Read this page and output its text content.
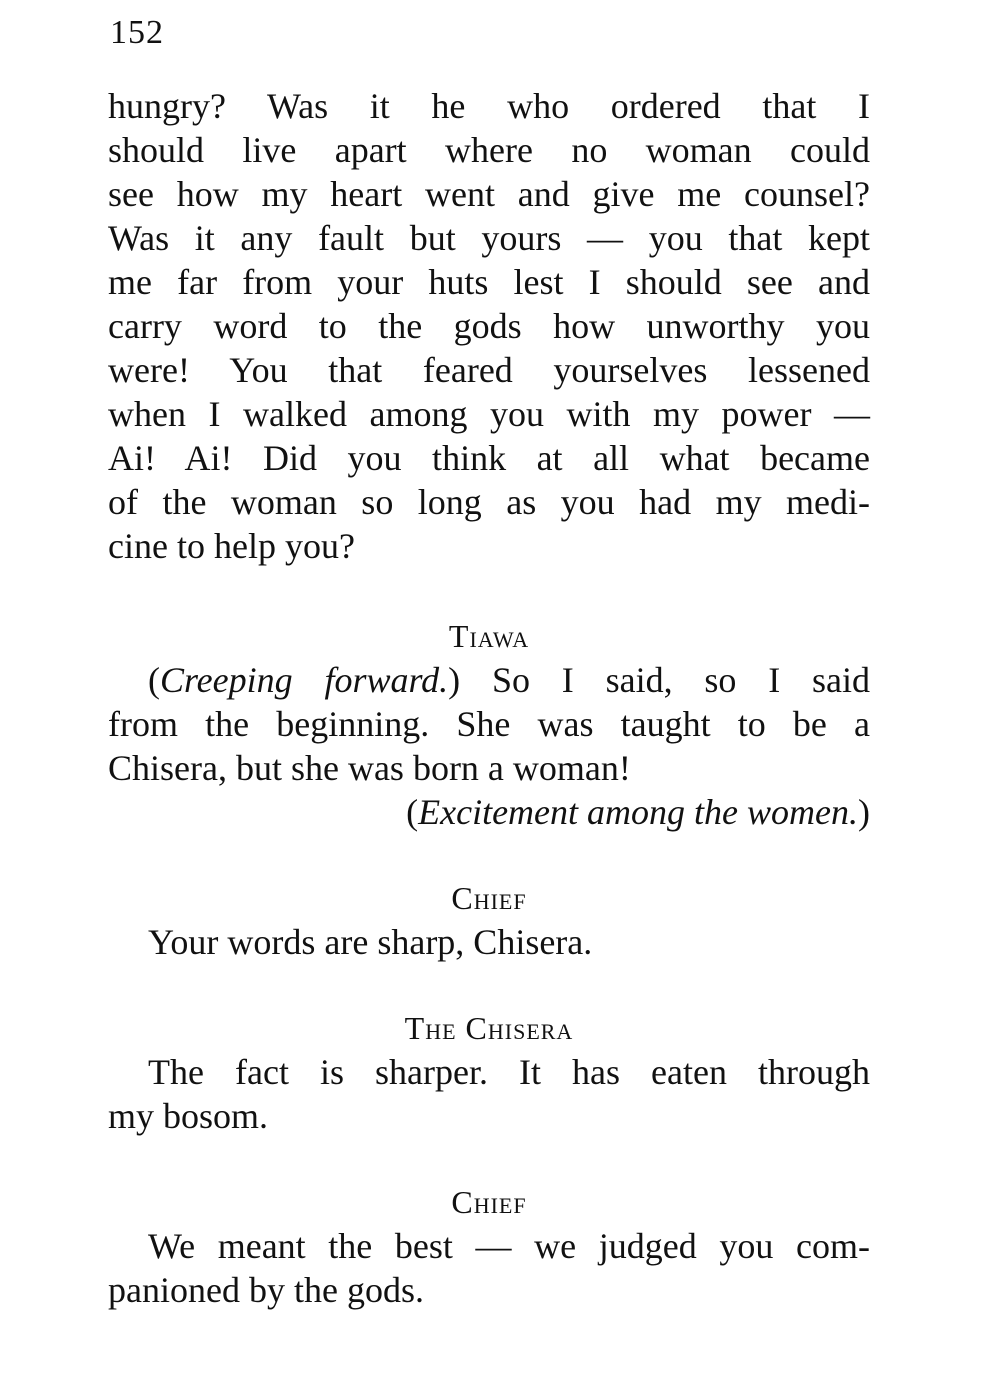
152
hungry? Was it he who ordered that I
should live apart where no woman could
see how my heart went and give me counsel?
Was it any fault but yours — you that kept
me far from your huts lest I should see and
carry word to the gods how unworthy you
were! You that feared yourselves lessened
when I walked among you with my power —
Ai! Ai! Did you think at all what became
of the woman so long as you had my medi-
cine to help you?
Tiawa
(Creeping forward.) So I said, so I said
from the beginning. She was taught to be a
Chisera, but she was born a woman!
(Excitement among the women.)
Chief
Your words are sharp, Chisera.
The Chisera
The fact is sharper. It has eaten through
my bosom.
Chief
We meant the best — we judged you com-
panioned by the gods.
